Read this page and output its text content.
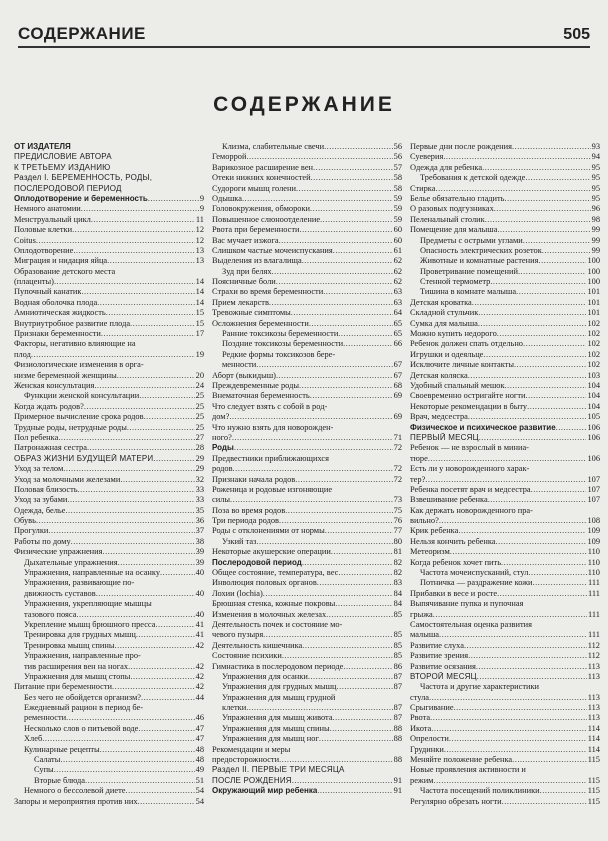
СОДЕРЖАНИЕ	505
СОДЕРЖАНИЕ
ОТ ИЗДАТЕЛЯ
ПРЕДИСЛОВИЕ АВТОРА
К ТРЕТЬЕМУ ИЗДАНИЮ
Раздел I. БЕРЕМЕННОСТЬ, РОДЫ,
ПОСЛЕРОДОВОЙ ПЕРИОД
Оплодотворение и беременность .....	9
Немного анатомии .....	9
Менструальный цикл .....	11
Половые клетки .....	12
Coitus .....	12
Оплодотворение .....	13
Миграция и нидация яйца .....	13
Образование детского места
(плаценты) .....	14
Пупочный канатик .....	14
Водная оболочка плода .....	14
Амниотическая жидкость .....	15
Внутриутробное развитие плода .....	15
Признаки беременности .....	17
Факторы, негативно влияющие на
плод .....	19
Физиологические изменения в орга-
низме беременной женщины .....	20
Женская консультация .....	24
Функции женской консультации .....	25
Когда ждать родов? .....	25
Примерное вычисление срока родов .....	25
Трудные роды, нетрудные роды .....	25
Пол ребенка .....	27
Патронажная сестра .....	28
ОБРАЗ ЖИЗНИ БУДУЩЕЙ МАТЕРИ .....	29
Уход за телом .....	29
Уход за молочными железами .....	32
Половая близость .....	33
Уход за зубами .....	33
Одежда, белье .....	35
Обувь .....	36
Прогулки .....	37
Работы по дому .....	38
Физические упражнения .....	39
Дыхательные упражнения .....	39
Упражнения, направленные на осанку .....	40
Упражнения, развивающие по-
движность суставов .....	40
Упражнения, укрепляющие мышцы
тазового пояса .....	40
Укрепление мышц брюшного пресса .....	41
Тренировка для грудных мышц .....	41
Тренировка мышц спины .....	42
Упражнения, направленные про-
тив расширения вен на ногах .....	42
Упражнения для мышц стопы .....	42
Питание при беременности .....	42
Без чего не обойдется организм? .....	44
Ежедневный рацион в период бе-
ременности .....	46
Несколько слов о питьевой воде .....	47
Хлеб .....	47
Кулинарные рецепты .....	48
Салаты .....	48
Супы .....	49
Вторые блюда .....	51
Немного о бессолевой диете .....	54
Запоры и мероприятия против них .....	54
Клизма, слабительные свечи .....	56
Геморрой .....	56
Варикозное расширение вен .....	57
Отеки нижних конечностей .....	58
Судороги мышц голени .....	58
Одышка .....	59
Головокружения, обмороки .....	59
Повышенное слюноотделение .....	59
Рвота при беременности .....	60
Вас мучает изжога .....	60
Слишком частые мочеиспускания .....	61
Выделения из влагалища .....	62
Зуд при белях .....	62
Поясничные боли .....	62
Страхи во время беременности .....	63
Прием лекарств .....	63
Тревожные симптомы .....	64
Осложнения беременности .....	65
Ранние токсикозы беременности .....	65
Поздние токсикозы беременности .....	66
Редкие формы токсикозов бере-
менности .....	67
Аборт (выкидыш) .....	67
Преждевременные роды .....	68
Внематочная беременность .....	69
Что следует взять с собой в род-
дом? .....	69
Что нужно взять для новорожден-
ного? .....	71
Роды .....	72
Предвестники приближающихся
родов .....	72
Признаки начала родов .....	72
Роженица и родовые изгоняющие
силы .....	73
Поза во время родов .....	75
Три периода родов .....	76
Роды с отклонениями от нормы .....	77
Узкий таз .....	80
Некоторые акушерские операции .....	81
Послеродовой период .....	82
Общее состояние, температура, вес .....	82
Инволюция половых органов .....	83
Лохии (lochia) .....	84
Брюшная стенка, кожные покровы .....	84
Изменения в молочных железах .....	85
Деятельность почек и состояние мо-
чевого пузыря .....	85
Деятельность кишечника .....	85
Состояние психики .....	85
Гимнастика в послеродовом периоде .....	86
Упражнения для осанки .....	87
Упражнения для грудных мышц .....	87
Упражнения для мышц грудной
клетки .....	87
Упражнения для мышц живота .....	87
Упражнения для мышц спины .....	88
Упражнения для мышц ног .....	88
Рекомендации и меры
предосторожности .....	88
Раздел II. ПЕРВЫЕ ТРИ МЕСЯЦА
ПОСЛЕ РОЖДЕНИЯ .....	91
Окружающий мир ребенка .....	91
Первые дни после рождения .....	93
Суеверия .....	94
Одежда для ребенка .....	95
Требования к детской одежде .....	95
Стирка .....	95
Белье обязательно гладить .....	95
О разовых подгузниках .....	96
Пеленальный столик .....	98
Помещение для малыша .....	99
Предметы с острыми углами .....	99
Опасность электрических розеток .....	99
Животные и комнатные растения .....	100
Проветривание помещений .....	100
Стенной термометр .....	100
Тишина в комнате малыша .....	101
Детская кроватка .....	101
Складной стульчик .....	101
Сумка для малыша .....	102
Можно купить недорого .....	102
Ребенок должен спать отдельно .....	102
Игрушки и одеяльце .....	102
Исключите личные контакты .....	102
Детская коляска .....	103
Удобный спальный мешок .....	104
Своевременно остригайте ногти .....	104
Некоторые рекомендации в быту .....	104
Врач, медсестра .....	105
Физическое и психическое развитие .....	106
ПЕРВЫЙ МЕСЯЦ .....	106
Ребенок — не взрослый в миниа-
тюре .....	106
Есть ли у новорожденного харак-
тер? .....	107
Ребенка посетят врач и медсестра .....	107
Взвешивание ребенка .....	107
Как держать новорожденного пра-
вильно? .....	108
Крик ребенка .....	109
Нельзя кончить ребенка .....	109
Метеоризм .....	110
Когда ребенок хочет пить .....	110
Частота мочеиспусканий, стул .....	110
Потничка — раздражение кожи .....	111
Прибавки в весе и росте .....	111
Выпячивание пупка и пупочная
грыжа .....	111
Самостоятельная оценка развития
малыша .....	111
Развитие слуха .....	112
Развитие зрения .....	112
Развитие осязания .....	113
ВТОРОЙ МЕСЯЦ .....	113
Частота и другие характеристики
стула .....	113
Срыгивание .....	113
Рвота .....	113
Икота .....	114
Опрелости .....	114
Грудинки .....	114
Меняйте положение ребенка .....	115
Новые проявления активности и
режим .....	115
Частота посещений поликлиники .....	115
Регулярно обрезать ногти .....	115
